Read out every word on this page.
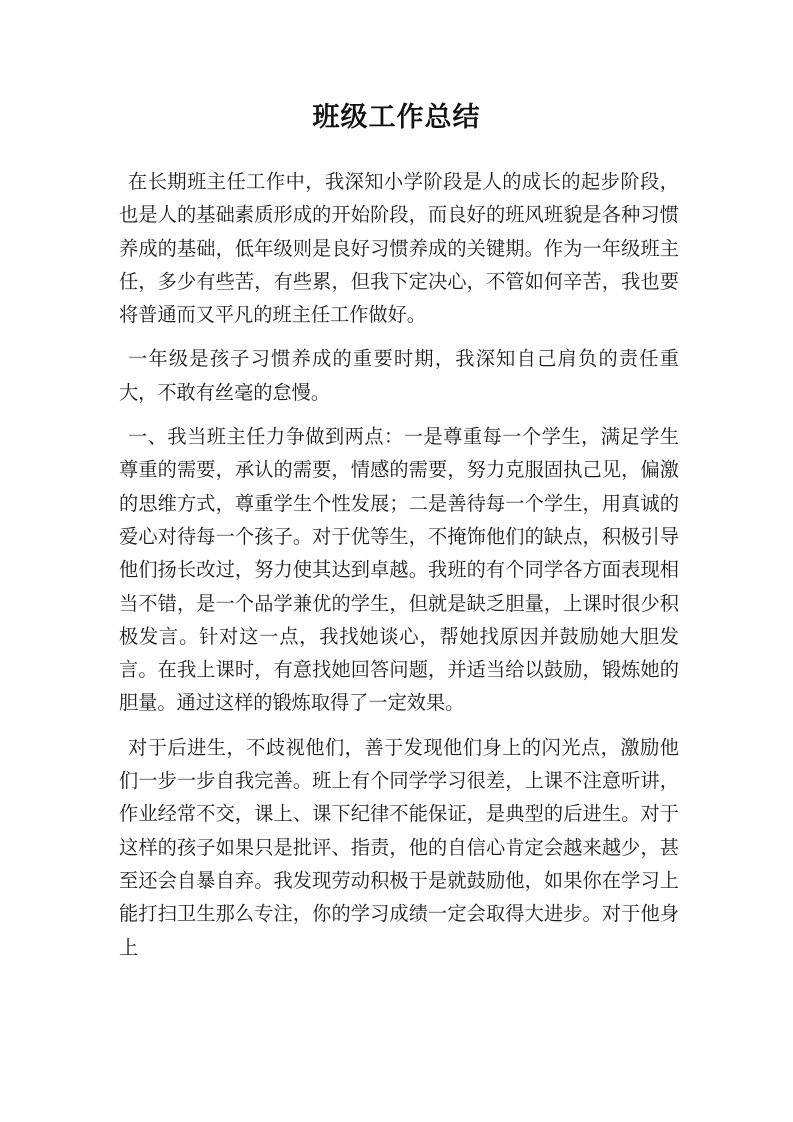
班级工作总结

在长期班主任工作中，我深知小学阶段是人的成长的起步阶段，也是人的基础素质形成的开始阶段，而良好的班风班貌是各种习惯养成的基础，低年级则是良好习惯养成的关键期。作为一年级班主任，多少有些苦，有些累，但我下定决心，不管如何辛苦，我也要将普通而又平凡的班主任工作做好。

一年级是孩子习惯养成的重要时期，我深知自己肩负的责任重大，不敢有丝毫的怠慢。

一、我当班主任力争做到两点：一是尊重每一个学生，满足学生尊重的需要，承认的需要，情感的需要，努力克服固执己见，偏激的思维方式，尊重学生个性发展；二是善待每一个学生，用真诚的爱心对待每一个孩子。对于优等生，不掩饰他们的缺点，积极引导他们扬长改过，努力使其达到卓越。我班的有个同学各方面表现相当不错，是一个品学兼优的学生，但就是缺乏胆量，上课时很少积极发言。针对这一点，我找她谈心，帮她找原因并鼓励她大胆发言。在我上课时，有意找她回答问题，并适当给以鼓励，锻炼她的胆量。通过这样的锻炼取得了一定效果。

对于后进生，不歧视他们，善于发现他们身上的闪光点，激励他们一步一步自我完善。班上有个同学学习很差，上课不注意听讲，作业经常不交，课上、课下纪律不能保证，是典型的后进生。对于这样的孩子如果只是批评、指责，他的自信心肯定会越来越少，甚至还会自暴自弃。我发现劳动积极于是就鼓励他，如果你在学习上能打扫卫生那么专注，你的学习成绩一定会取得大进步。对于他身上
